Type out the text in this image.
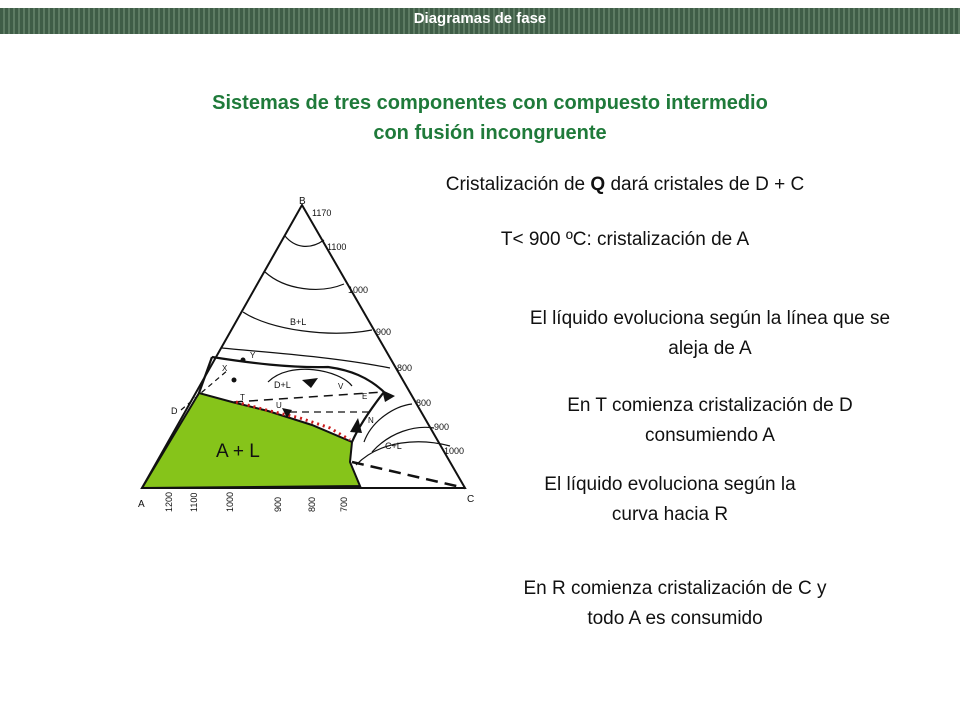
Diagramas de fase
Sistemas de tres componentes con compuesto intermedio
con fusión incongruente
Cristalización de Q dará cristales de D + C
T< 900 ºC: cristalización de A
El líquido evoluciona según la línea que se
aleja de A
En T comienza cristalización de D
consumiendo A
El líquido evoluciona según la
curva hacia R
En R comienza cristalización de C y
todo A es consumido
B
A	C
D
A + L
B+L
D+L
C+L
X
Y
T
U
V
E
N
1170
1100
1000
900
800
800
900
1000
1200 1100	1000	900	800 700
